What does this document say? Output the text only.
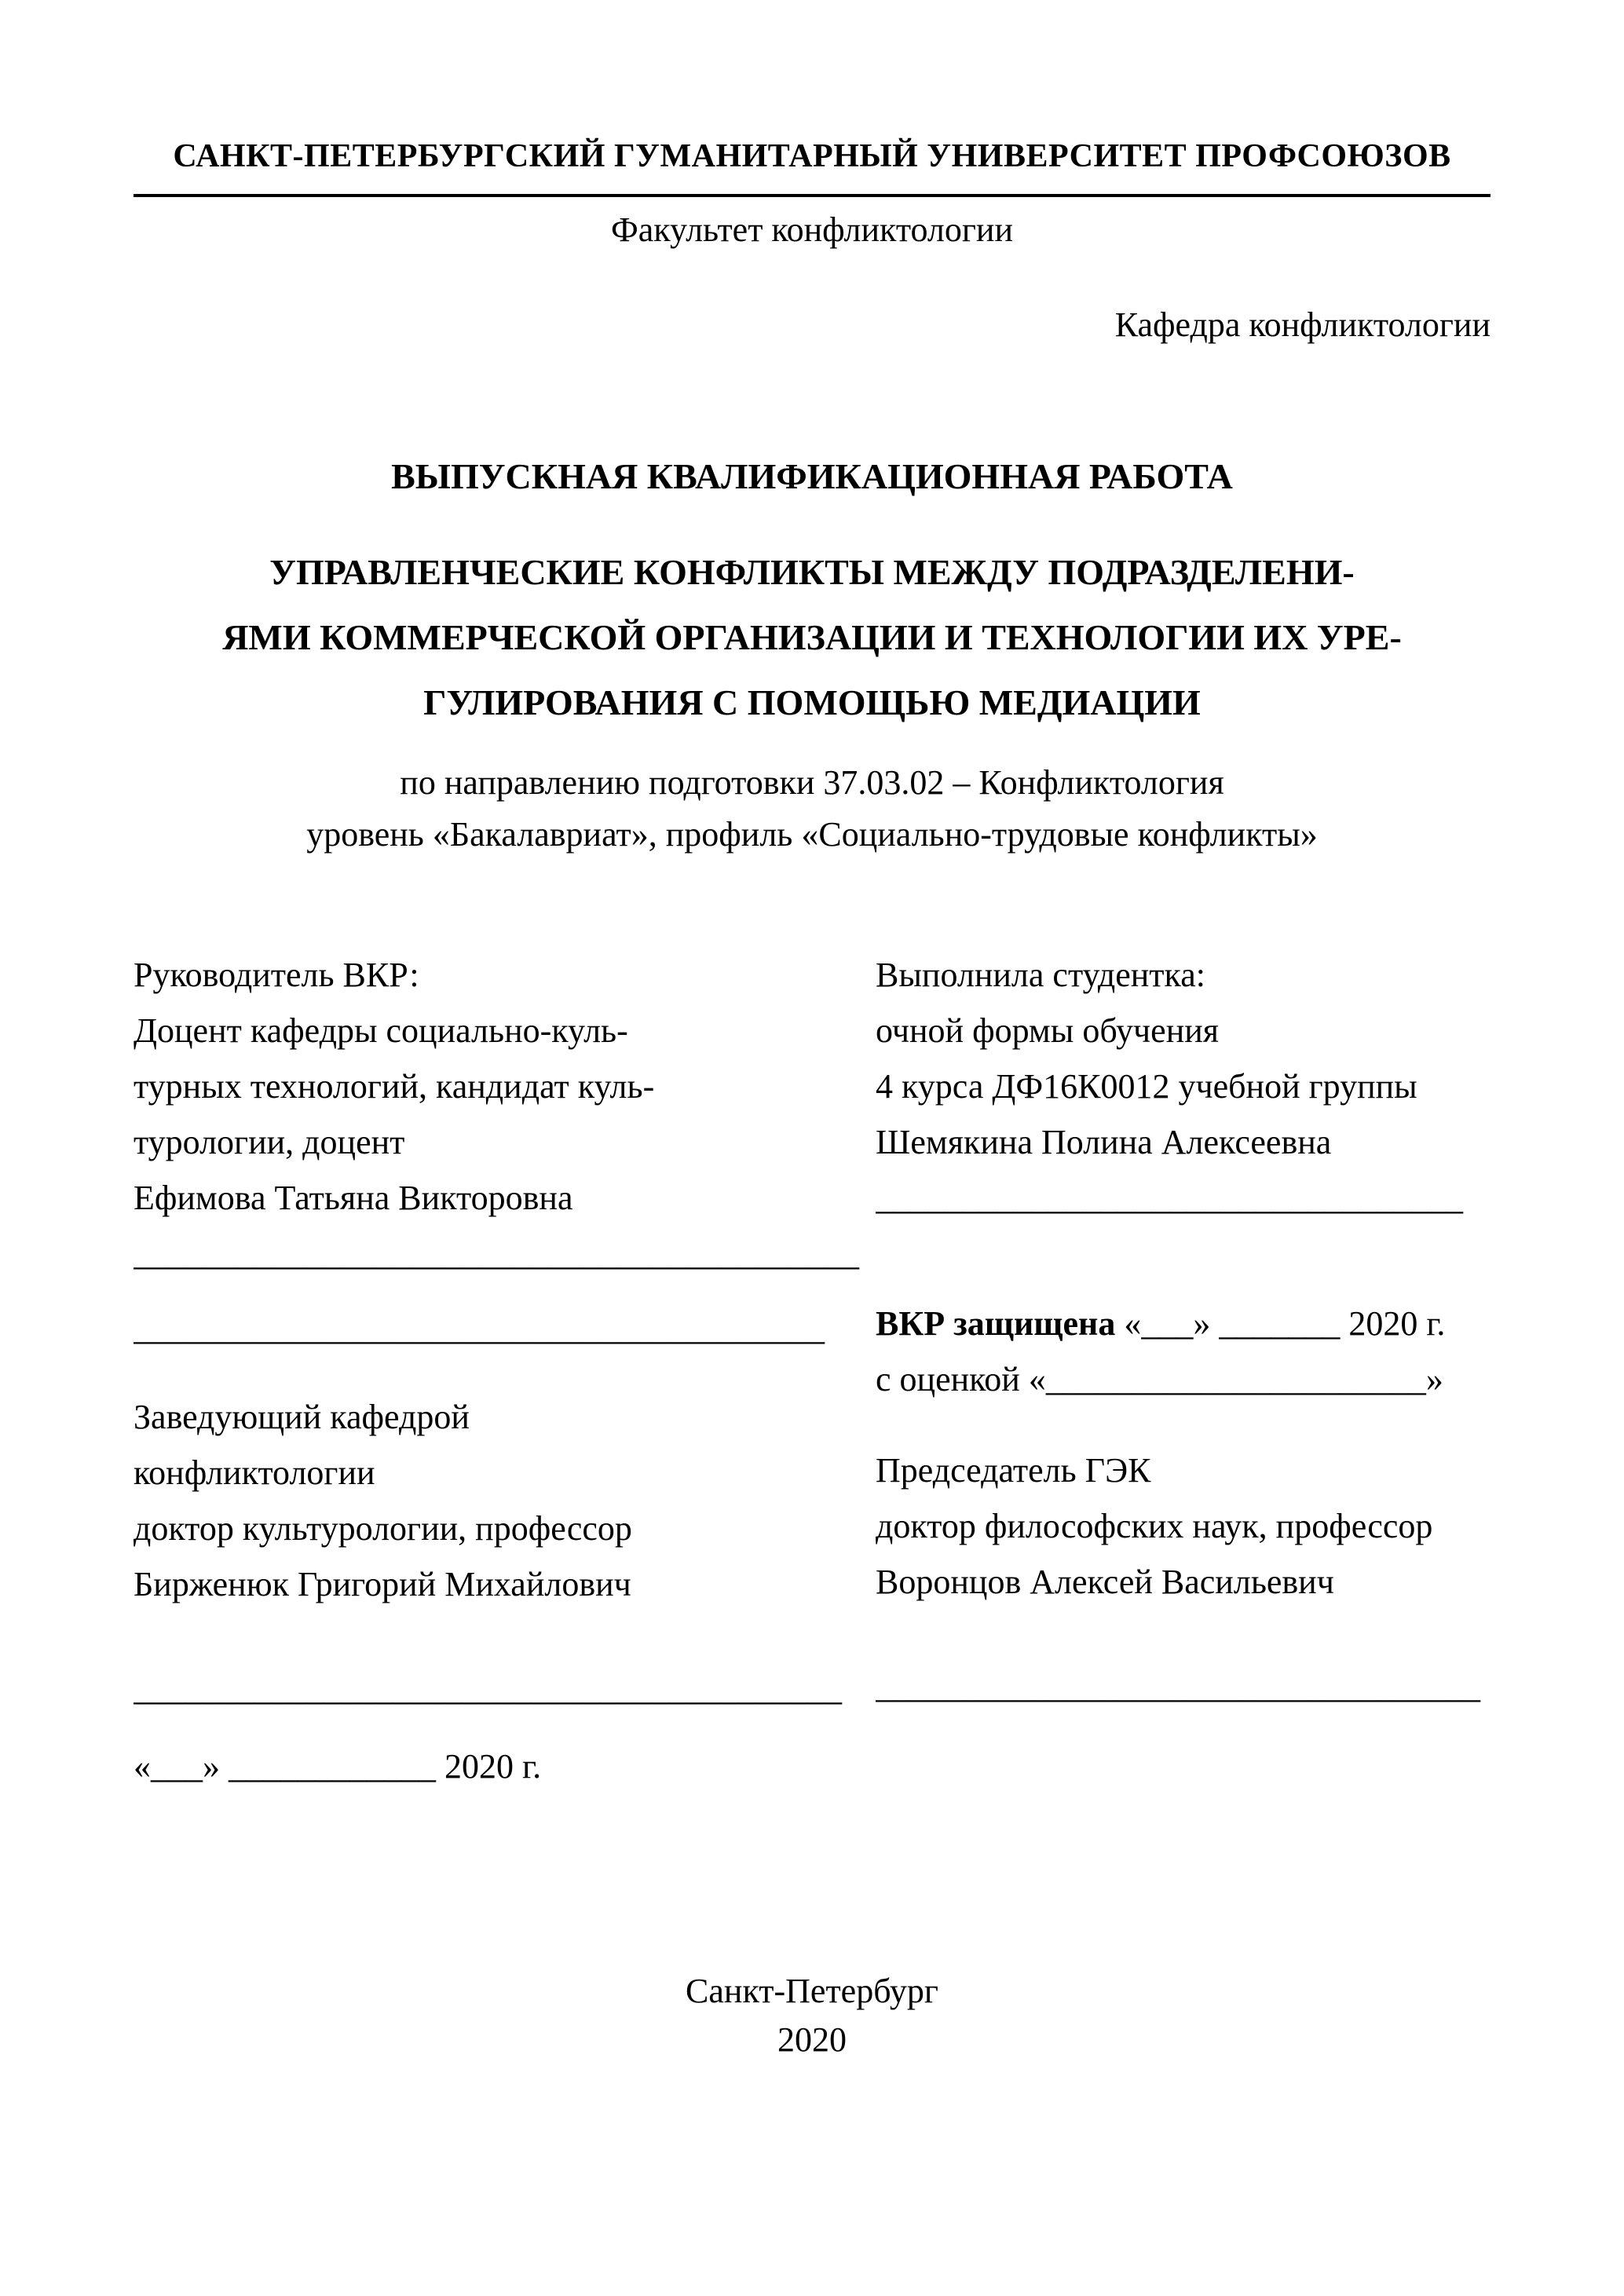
САНКТ-ПЕТЕРБУРГСКИЙ ГУМАНИТАРНЫЙ УНИВЕРСИТЕТ ПРОФСОЮЗОВ
Факультет конфликтологии
Кафедра конфликтологии
ВЫПУСКНАЯ КВАЛИФИКАЦИОННАЯ РАБОТА
УПРАВЛЕНЧЕСКИЕ КОНФЛИКТЫ МЕЖДУ ПОДРАЗДЕЛЕНИ-
ЯМИ КОММЕРЧЕСКОЙ ОРГАНИЗАЦИИ И ТЕХНОЛОГИИ ИХ УРЕ-
ГУЛИРОВАНИЯ С ПОМОЩЬЮ МЕДИАЦИИ
по направлению подготовки 37.03.02 – Конфликтология
уровень «Бакалавриат», профиль «Социально-трудовые конфликты»

Руководитель ВКР:

Доцент кафедры социально-куль-

турных технологий, кандидат куль-

турологии, доцент

Ефимова Татьяна Викторовна

__________________________________________

________________________________________

Заведующий кафедрой

конфликтологии

доктор культурологии, профессор

Бирженюк Григорий Михайлович

_________________________________________

«___» ____________ 2020 г.

Выполнила студентка:

очной формы обучения

4 курса ДФ16К0012 учебной группы

Шемякина Полина Алексеевна

__________________________________

ВКР защищена «___» _______ 2020 г.

с оценкой «______________________»

Председатель ГЭК

доктор философских наук, профессор

Воронцов Алексей Васильевич

___________________________________

Санкт-Петербург
2020
